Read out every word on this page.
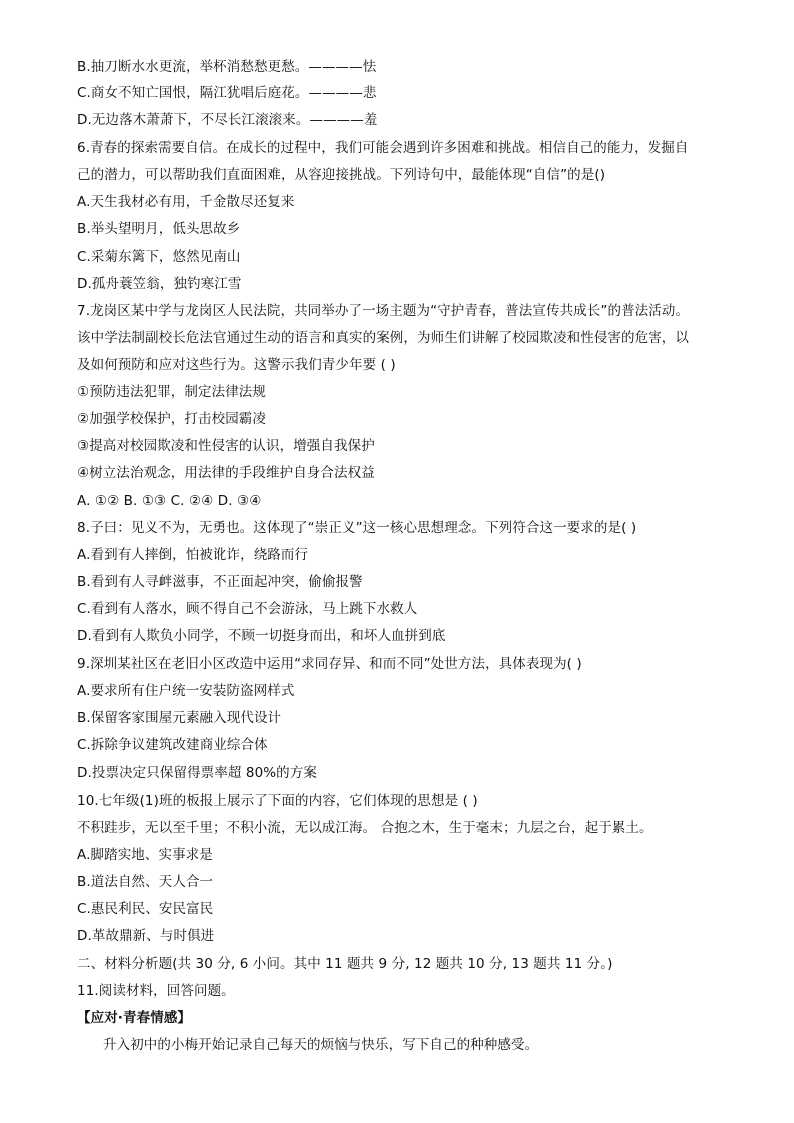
B.抽刀断水水更流，举杯消愁愁更愁。————怯
C.商女不知亡国恨，隔江犹唱后庭花。————悲
D.无边落木萧萧下，不尽长江滚滚来。————羞
6.青春的探索需要自信。在成长的过程中，我们可能会遇到许多困难和挑战。相信自己的能力，发掘自
己的潜力，可以帮助我们直面困难，从容迎接挑战。下列诗句中，最能体现“自信”的是()
A.天生我材必有用，千金散尽还复来
B.举头望明月，低头思故乡
C.采菊东篱下，悠然见南山
D.孤舟蓑笠翁，独钓寒江雪
7.龙岗区某中学与龙岗区人民法院，共同举办了一场主题为“守护青春，普法宣传共成长”的普法活动。
该中学法制副校长危法官通过生动的语言和真实的案例，为师生们讲解了校园欺凌和性侵害的危害，以
及如何预防和应对这些行为。这警示我们青少年要 ( )
①预防违法犯罪，制定法律法规
②加强学校保护，打击校园霸凌
③提高对校园欺凌和性侵害的认识，增强自我保护
④树立法治观念，用法律的手段维护自身合法权益
A. ①② B. ①③ C. ②④ D. ③④
8.子曰：见义不为，无勇也。这体现了“崇正义”这一核心思想理念。下列符合这一要求的是( )
A.看到有人摔倒，怕被讹诈，绕路而行
B.看到有人寻衅滋事，不正面起冲突，偷偷报警
C.看到有人落水，顾不得自己不会游泳，马上跳下水救人
D.看到有人欺负小同学，不顾一切挺身而出，和坏人血拼到底
9.深圳某社区在老旧小区改造中运用“求同存异、和而不同”处世方法，具体表现为( )
A.要求所有住户统一安装防盗网样式
B.保留客家围屋元素融入现代设计
C.拆除争议建筑改建商业综合体
D.投票决定只保留得票率超 80%的方案
10.七年级(1)班的板报上展示了下面的内容，它们体现的思想是 ( )
不积跬步，无以至千里；不积小流，无以成江海。 合抱之木，生于毫末；九层之台，起于累土。
A.脚踏实地、实事求是
B.道法自然、天人合一
C.惠民利民、安民富民
D.革故鼎新、与时俱进
二、材料分析题(共 30 分, 6 小问。其中 11 题共 9 分, 12 题共 10 分, 13 题共 11 分。)
11.阅读材料，回答问题。
【应对·青春情感】
升入初中的小梅开始记录自己每天的烦恼与快乐，写下自己的种种感受。
